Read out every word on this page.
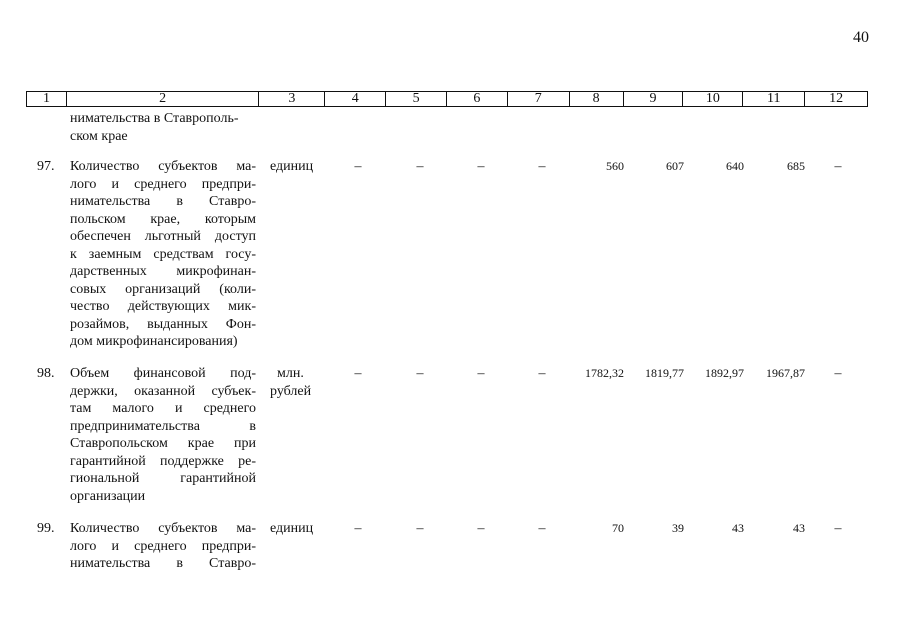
40
1	2	3	4	5	6	7	8	9	10	11	12
нимательства в Ставрополь-
ском крае
97. Количество субъектов ма-
лого и среднего предпри-
нимательства в Ставро-
польском крае, которым
обеспечен льготный доступ
к заемным средствам госу-
дарственных микрофинан-
совых организаций (коли-
чество действующих мик-
розаймов, выданных Фон-
дом микрофинансирования)
единиц	–	–	–	–	560	607	640	685	–
98. Объем финансовой под-
держки, оказанной субъек-
там малого и среднего
предпринимательства в
Ставропольском крае при
гарантийной поддержке ре-
гиональной гарантийной
организации
млн.
рублей
–	–	–	–	1782,32	1819,77	1892,97	1967,87	–
99. Количество субъектов ма-
лого и среднего предпри-
нимательства в Ставро-
единиц	–	–	–	–	70	39	43	43	–
